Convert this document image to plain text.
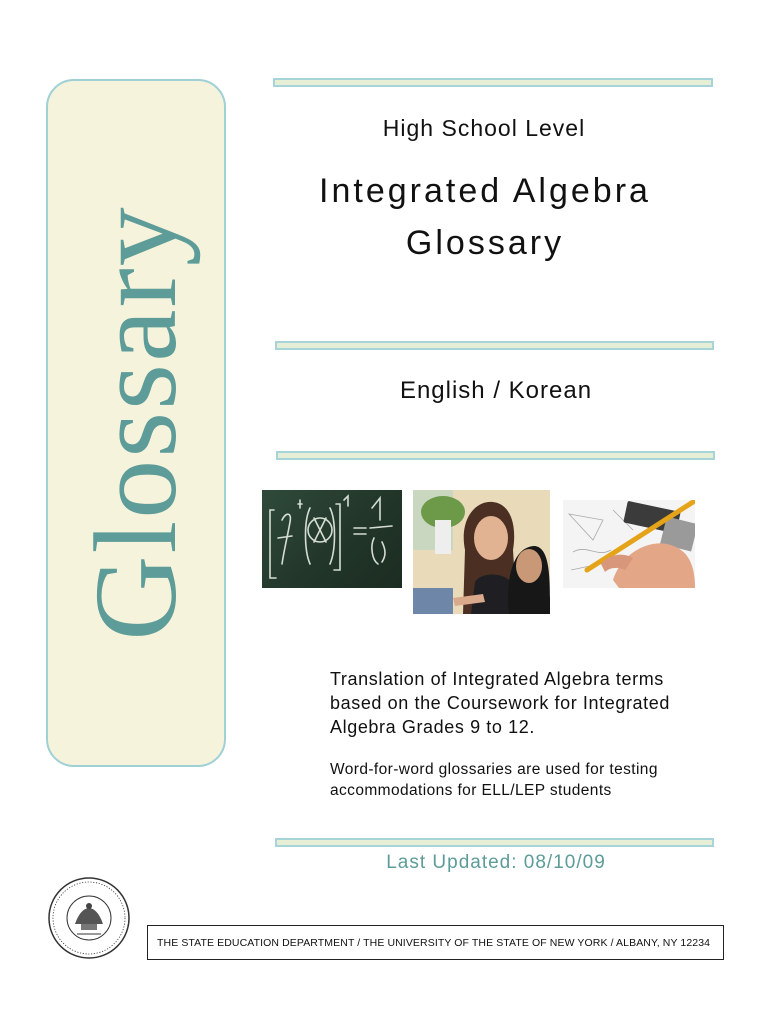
Glossary
High School Level
Integrated Algebra Glossary
English / Korean
Translation of Integrated Algebra terms based on the Coursework for Integrated Algebra Grades 9 to 12.
Word-for-word glossaries are used for testing accommodations for ELL/LEP students
Last Updated: 08/10/09
THE STATE EDUCATION DEPARTMENT / THE UNIVERSITY OF THE STATE OF NEW YORK / ALBANY, NY 12234
